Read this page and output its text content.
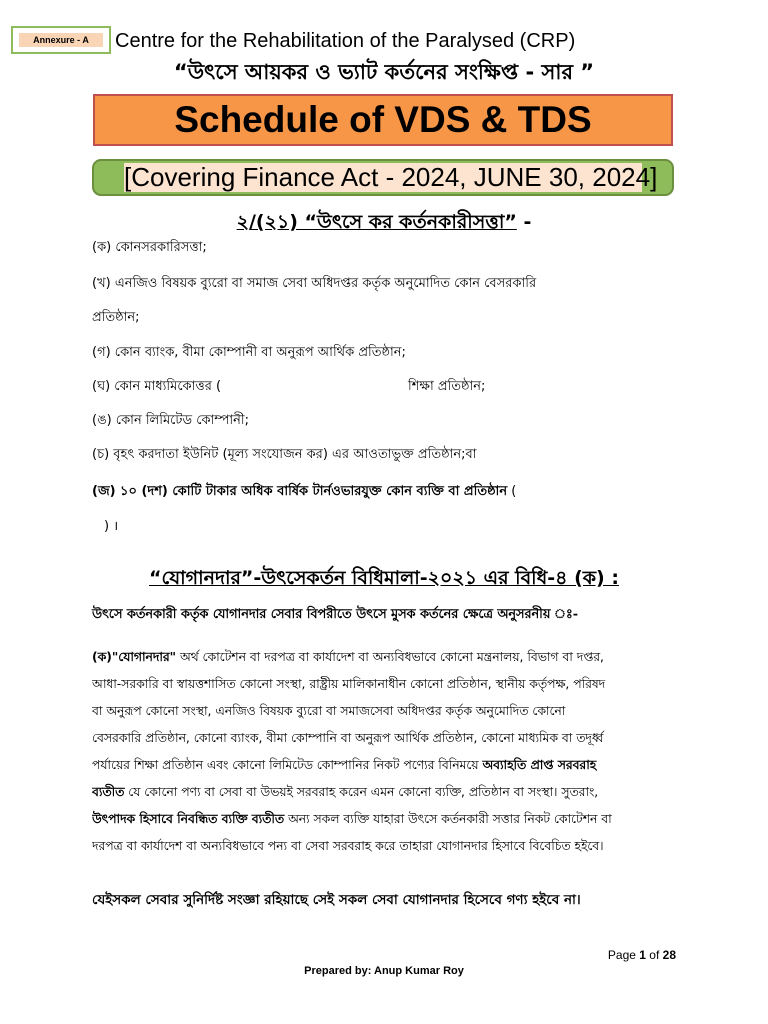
Annexure - A	Centre for the Rehabilitation of the Paralysed (CRP)
“উৎসে আয়কর ও ভ্যাট কর্তনের সংক্ষিপ্ত - সার ”
Schedule of VDS & TDS
[Covering Finance Act - 2024, JUNE 30, 2024]
২/(২১) “উৎসে কর কর্তনকারীসত্তা” -
(ক) কোনসরকারিসত্তা;
(খ) এনজিও বিষয়ক ব্যুরো বা সমাজ সেবা অধিদপ্তর কর্তৃক অনুমোদিত কোন বেসরকারি
প্রতিষ্ঠান;
(গ) কোন ব্যাংক, বীমা কোম্পানী বা অনুরূপ আর্থিক প্রতিষ্ঠান;
(ঘ) কোন মাধ্যমিকোত্তর (	শিক্ষা প্রতিষ্ঠান;
(ঙ) কোন লিমিটেড কোম্পানী;
(চ) বৃহৎ করদাতা ইউনিট (মূল্য সংযোজন কর) এর আওতাভুক্ত প্রতিষ্ঠান;বা
(জ) ১০ (দশ) কোটি টাকার অধিক বার্ষিক টার্নওভারযুক্ত কোন ব্যক্তি বা প্রতিষ্ঠান (
) ।
“যোগানদার”-উৎসেকর্তন বিধিমালা-২০২১ এর বিধি-৪ (ক) :
উৎসে কর্তনকারী কর্তৃক যোগানদার সেবার বিপরীতে উৎসে মুসক কর্তনের ক্ষেত্রে অনুসরনীয় ঃ-
(ক)"যোগানদার" অর্থ কোটেশন বা দরপত্র বা কার্যাদেশ বা অন্যবিধভাবে কোনো মন্ত্রনালয়, বিভাগ বা দপ্তর,
আধা-সরকারি বা স্বায়ত্তশাসিত কোনো সংস্থা, রাষ্ট্রীয় মালিকানাধীন কোনো প্রতিষ্ঠান, স্থানীয় কর্তৃপক্ষ, পরিষদ
বা অনুরূপ কোনো সংস্থা, এনজিও বিষয়ক ব্যুরো বা সমাজসেবা অধিদপ্তর কর্তৃক অনুমোদিত কোনো
বেসরকারি প্রতিষ্ঠান, কোনো ব্যাংক, বীমা কোম্পানি বা অনুরূপ আর্থিক প্রতিষ্ঠান, কোনো মাধ্যমিক বা তদূর্ধ্ব
পর্যায়ের শিক্ষা প্রতিষ্ঠান এবং কোনো লিমিটেড কোম্পানির নিকট পণ্যের বিনিময়ে অব্যাহতি প্রাপ্ত সরবরাহ
ব্যতীত যে কোনো পণ্য বা সেবা বা উভয়ই সরবরাহ করেন এমন কোনো ব্যক্তি, প্রতিষ্ঠান বা সংস্থা। সুতরাং,
উৎপাদক হিসাবে নিবন্ধিত ব্যক্তি ব্যতীত অন্য সকল ব্যক্তি যাহারা উৎসে কর্তনকারী সত্তার নিকট কোটেশন বা
দরপত্র বা কার্যাদেশ বা অন্যবিধভাবে পন্য বা সেবা সরবরাহ করে তাহারা যোগানদার হিসাবে বিবেচিত হইবে।
যেইসকল সেবার সুনির্দিষ্ট সংজ্ঞা রহিয়াছে সেই সকল সেবা যোগানদার হিসেবে গণ্য হইবে না।
Page 1 of 28
Prepared by: Anup Kumar Roy
